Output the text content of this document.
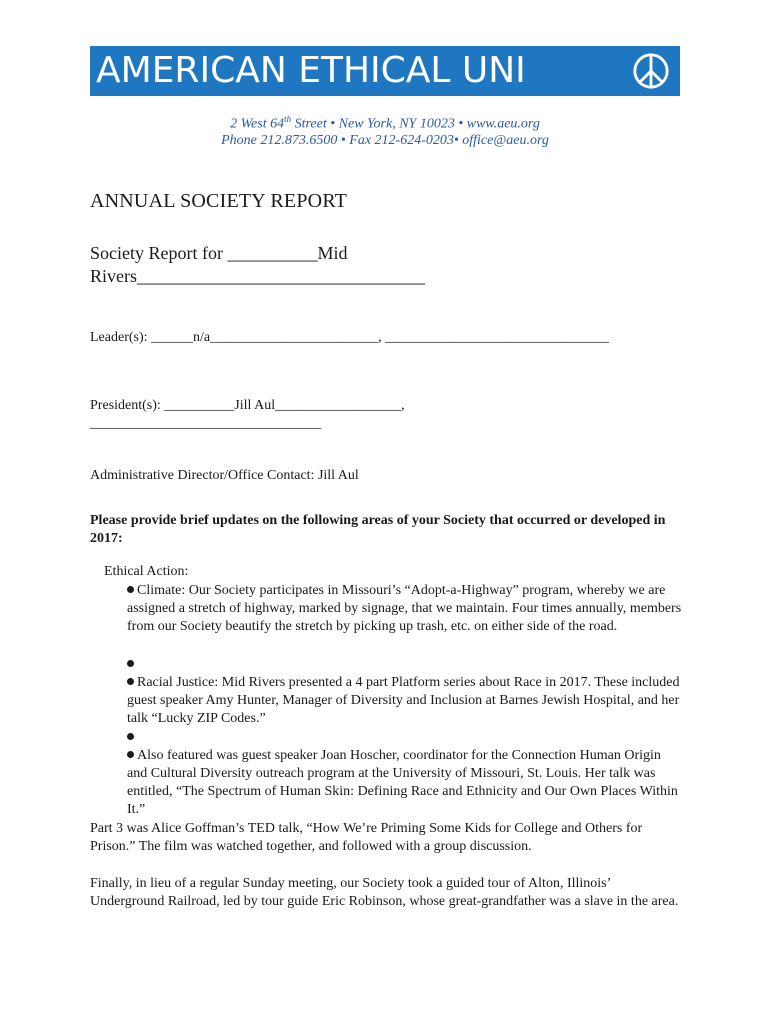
AMERICAN ETHICAL UNI
2 West 64th Street • New York, NY 10023 • www.aeu.org
Phone 212.873.6500 • Fax 212-624-0203• office@aeu.org
ANNUAL SOCIETY REPORT
Society Report for __________Mid
Rivers________________________________
Leader(s): ______n/a________________________, ________________________________
President(s): __________Jill Aul__________________,
_________________________________
Administrative Director/Office Contact: Jill Aul
Please provide brief updates on the following areas of your Society that occurred or developed in 2017:
Ethical Action:
Climate: Our Society participates in Missouri’s “Adopt-a-Highway” program, whereby we are assigned a stretch of highway, marked by signage, that we maintain. Four times annually, members from our Society beautify the stretch by picking up trash, etc. on either side of the road.
Racial Justice: Mid Rivers presented a 4 part Platform series about Race in 2017. These included guest speaker Amy Hunter, Manager of Diversity and Inclusion at Barnes Jewish Hospital, and her talk “Lucky ZIP Codes.”
Also featured was guest speaker Joan Hoscher, coordinator for the Connection Human Origin and Cultural Diversity outreach program at the University of Missouri, St. Louis. Her talk was entitled, “The Spectrum of Human Skin: Defining Race and Ethnicity and Our Own Places Within It.”
Part 3 was Alice Goffman’s TED talk, “How We’re Priming Some Kids for College and Others for Prison.” The film was watched together, and followed with a group discussion.
Finally, in lieu of a regular Sunday meeting, our Society took a guided tour of Alton, Illinois’ Underground Railroad, led by tour guide Eric Robinson, whose great-grandfather was a slave in the area.
